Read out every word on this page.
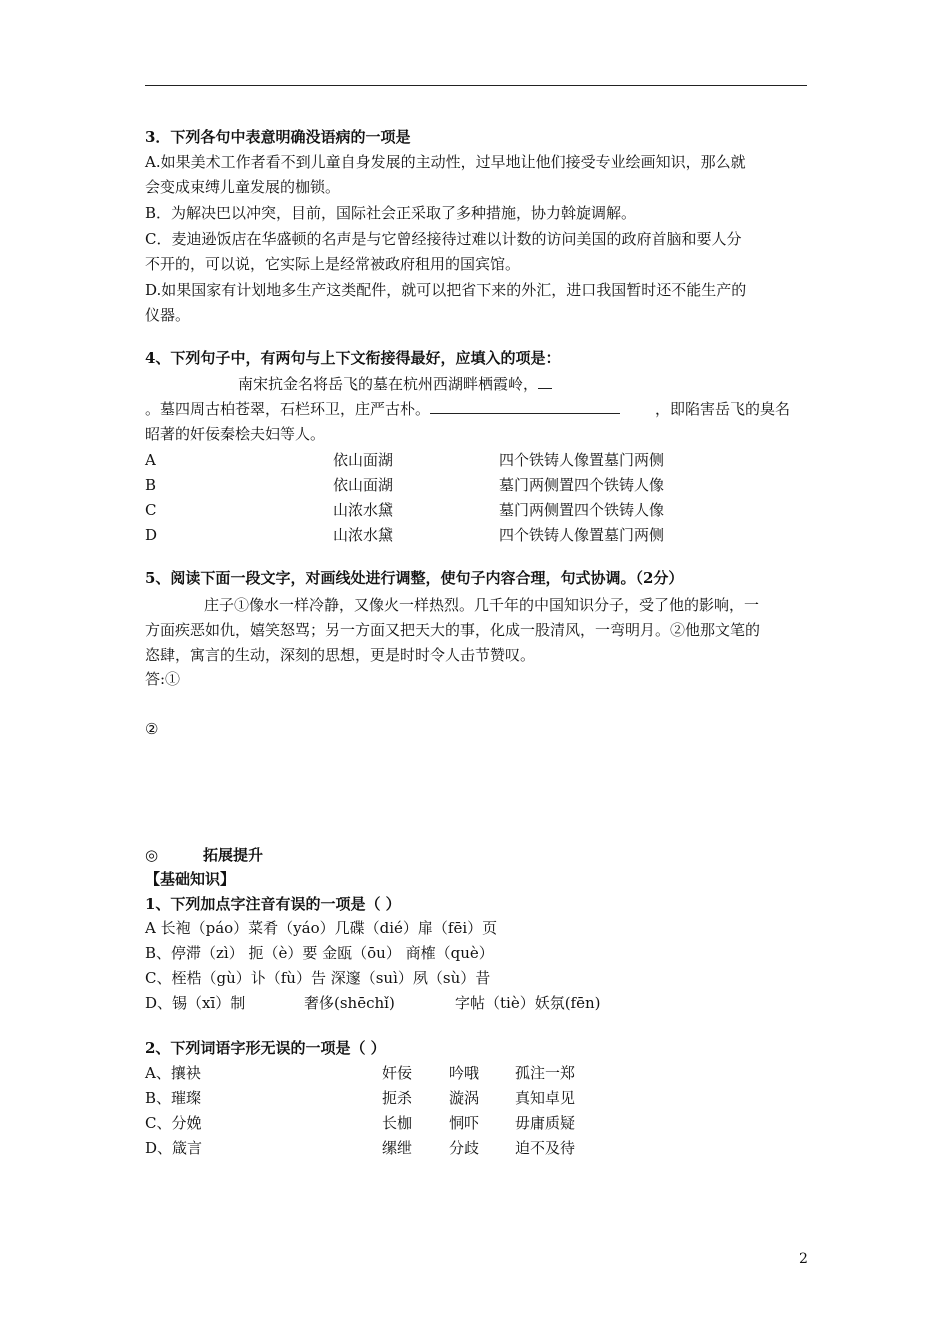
3．下列各句中表意明确没语病的一项是
A.如果美术工作者看不到儿童自身发展的主动性，过早地让他们接受专业绘画知识，那么就
会变成束缚儿童发展的枷锁。
B．为解决巴以冲突，目前，国际社会正采取了多种措施，协力斡旋调解。
C．麦迪逊饭店在华盛顿的名声是与它曾经接待过难以计数的访问美国的政府首脑和要人分
不开的，可以说，它实际上是经常被政府租用的国宾馆。
D.如果国家有计划地多生产这类配件，就可以把省下来的外汇，进口我国暂时还不能生产的
仪器。
4、下列句子中，有两句与上下文衔接得最好，应填入的项是：
南宋抗金名将岳飞的墓在杭州西湖畔栖霞岭，
。墓四周古柏苍翠，石栏环卫，庄严古朴。	，即陷害岳飞的臭名
昭著的奸佞秦桧夫妇等人。
A	依山面湖	四个铁铸人像置墓门两侧
B	依山面湖	墓门两侧置四个铁铸人像
C	山浓水黛	墓门两侧置四个铁铸人像
D	山浓水黛	四个铁铸人像置墓门两侧
5、阅读下面一段文字，对画线处进行调整，使句子内容合理，句式协调。（2分）
庄子①像水一样冷静，又像火一样热烈。几千年的中国知识分子，受了他的影响，一
方面疾恶如仇，嬉笑怒骂；另一方面又把天大的事，化成一股清风，一弯明月。②他那文笔的
恣肆，寓言的生动，深刻的思想，更是时时令人击节赞叹。
答:①
②
◎	拓展提升
【基础知识】
1、下列加点字注音有误的一项是（ ）
A 长袍（páo）菜肴（yáo）几碟（dié）扉（fēi）页
B、停滞（zì） 扼（è）要 金瓯（ōu） 商榷（què）
C、桎梏（gù）讣（fù）告 深邃（suì）夙（sù）昔
D、锡（xī）制	奢侈(shēchǐ)	字帖（tiè）妖氛(fēn)
2、下列词语字形无误的一项是（ ）
A、攘袂	奸佞 吟哦 孤注一郑
B、璀璨	扼杀 漩涡 真知卓见
C、分娩	长枷 恫吓 毋庸质疑
D、箴言	缧绁 分歧 迫不及待
2
